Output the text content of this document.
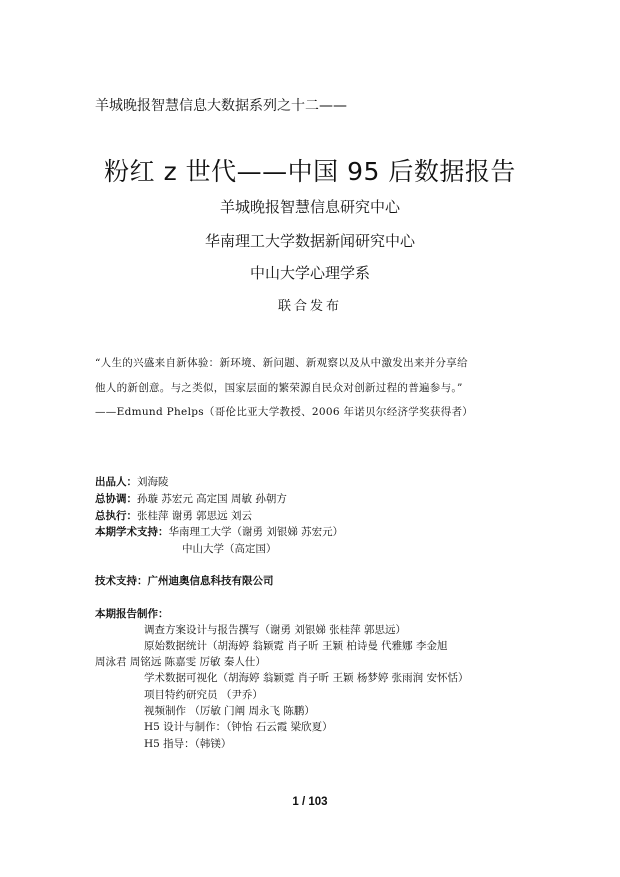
羊城晚报智慧信息大数据系列之十二——
粉红 z 世代——中国 95 后数据报告
羊城晚报智慧信息研究中心
华南理工大学数据新闻研究中心
中山大学心理学系
联合发布
“人生的兴盛来自新体验：新环境、新问题、新观察以及从中激发出来并分享给
他人的新创意。与之类似，国家层面的繁荣源自民众对创新过程的普遍参与。”
——Edmund Phelps（哥伦比亚大学教授、2006 年诺贝尔经济学奖获得者）
出品人：刘海陵
总协调：孙璇 苏宏元 高定国 周敏 孙朝方
总执行：张桂萍 谢勇 郭思远 刘云
本期学术支持：华南理工大学（谢勇 刘银娣 苏宏元）
中山大学（高定国）
技术支持：广州迪奥信息科技有限公司
本期报告制作：
调查方案设计与报告撰写（谢勇 刘银娣 张桂萍 郭思远）
原始数据统计（胡海婷 翁颖霓 肖子昕 王颖 柏诗曼 代雅娜 李金旭
周泳君 周铭远 陈嘉雯 厉敏 秦人仕）
学术数据可视化（胡海婷 翁颖霓 肖子昕 王颖 杨梦婷 张雨润 安怀恬）
项目特约研究员 （尹乔）
视频制作 （厉敏 门阐 周永飞 陈鹏）
H5 设计与制作：（钟怡 石云霞 梁欣夏）
H5 指导：（韩镁）
1 / 103
